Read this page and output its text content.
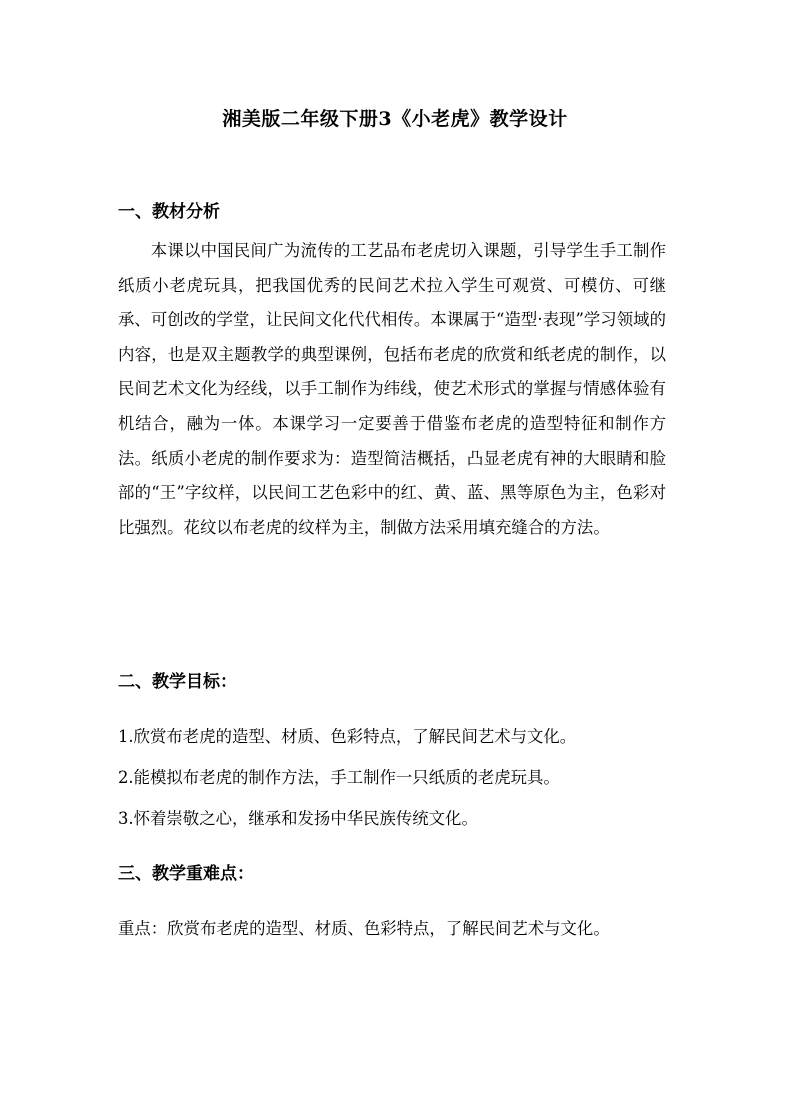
湘美版二年级下册3《小老虎》教学设计
一、教材分析

本课以中国民间广为流传的工艺品布老虎切入课题，引导学生手工制作纸质小老虎玩具，把我国优秀的民间艺术拉入学生可观赏、可模仿、可继承、可创改的学堂，让民间文化代代相传。本课属于“造型·表现”学习领域的内容，也是双主题教学的典型课例，包括布老虎的欣赏和纸老虎的制作，以民间艺术文化为经线，以手工制作为纬线，使艺术形式的掌握与情感体验有机结合，融为一体。本课学习一定要善于借鉴布老虎的造型特征和制作方法。纸质小老虎的制作要求为：造型简洁概括，凸显老虎有神的大眼睛和脸部的“王”字纹样，以民间工艺色彩中的红、黄、蓝、黑等原色为主，色彩对比强烈。花纹以布老虎的纹样为主，制做方法采用填充缝合的方法。

二、教学目标：

1.欣赏布老虎的造型、材质、色彩特点，了解民间艺术与文化。

2.能模拟布老虎的制作方法，手工制作一只纸质的老虎玩具。

3.怀着崇敬之心，继承和发扬中华民族传统文化。

三、教学重难点：

重点：欣赏布老虎的造型、材质、色彩特点，了解民间艺术与文化。
